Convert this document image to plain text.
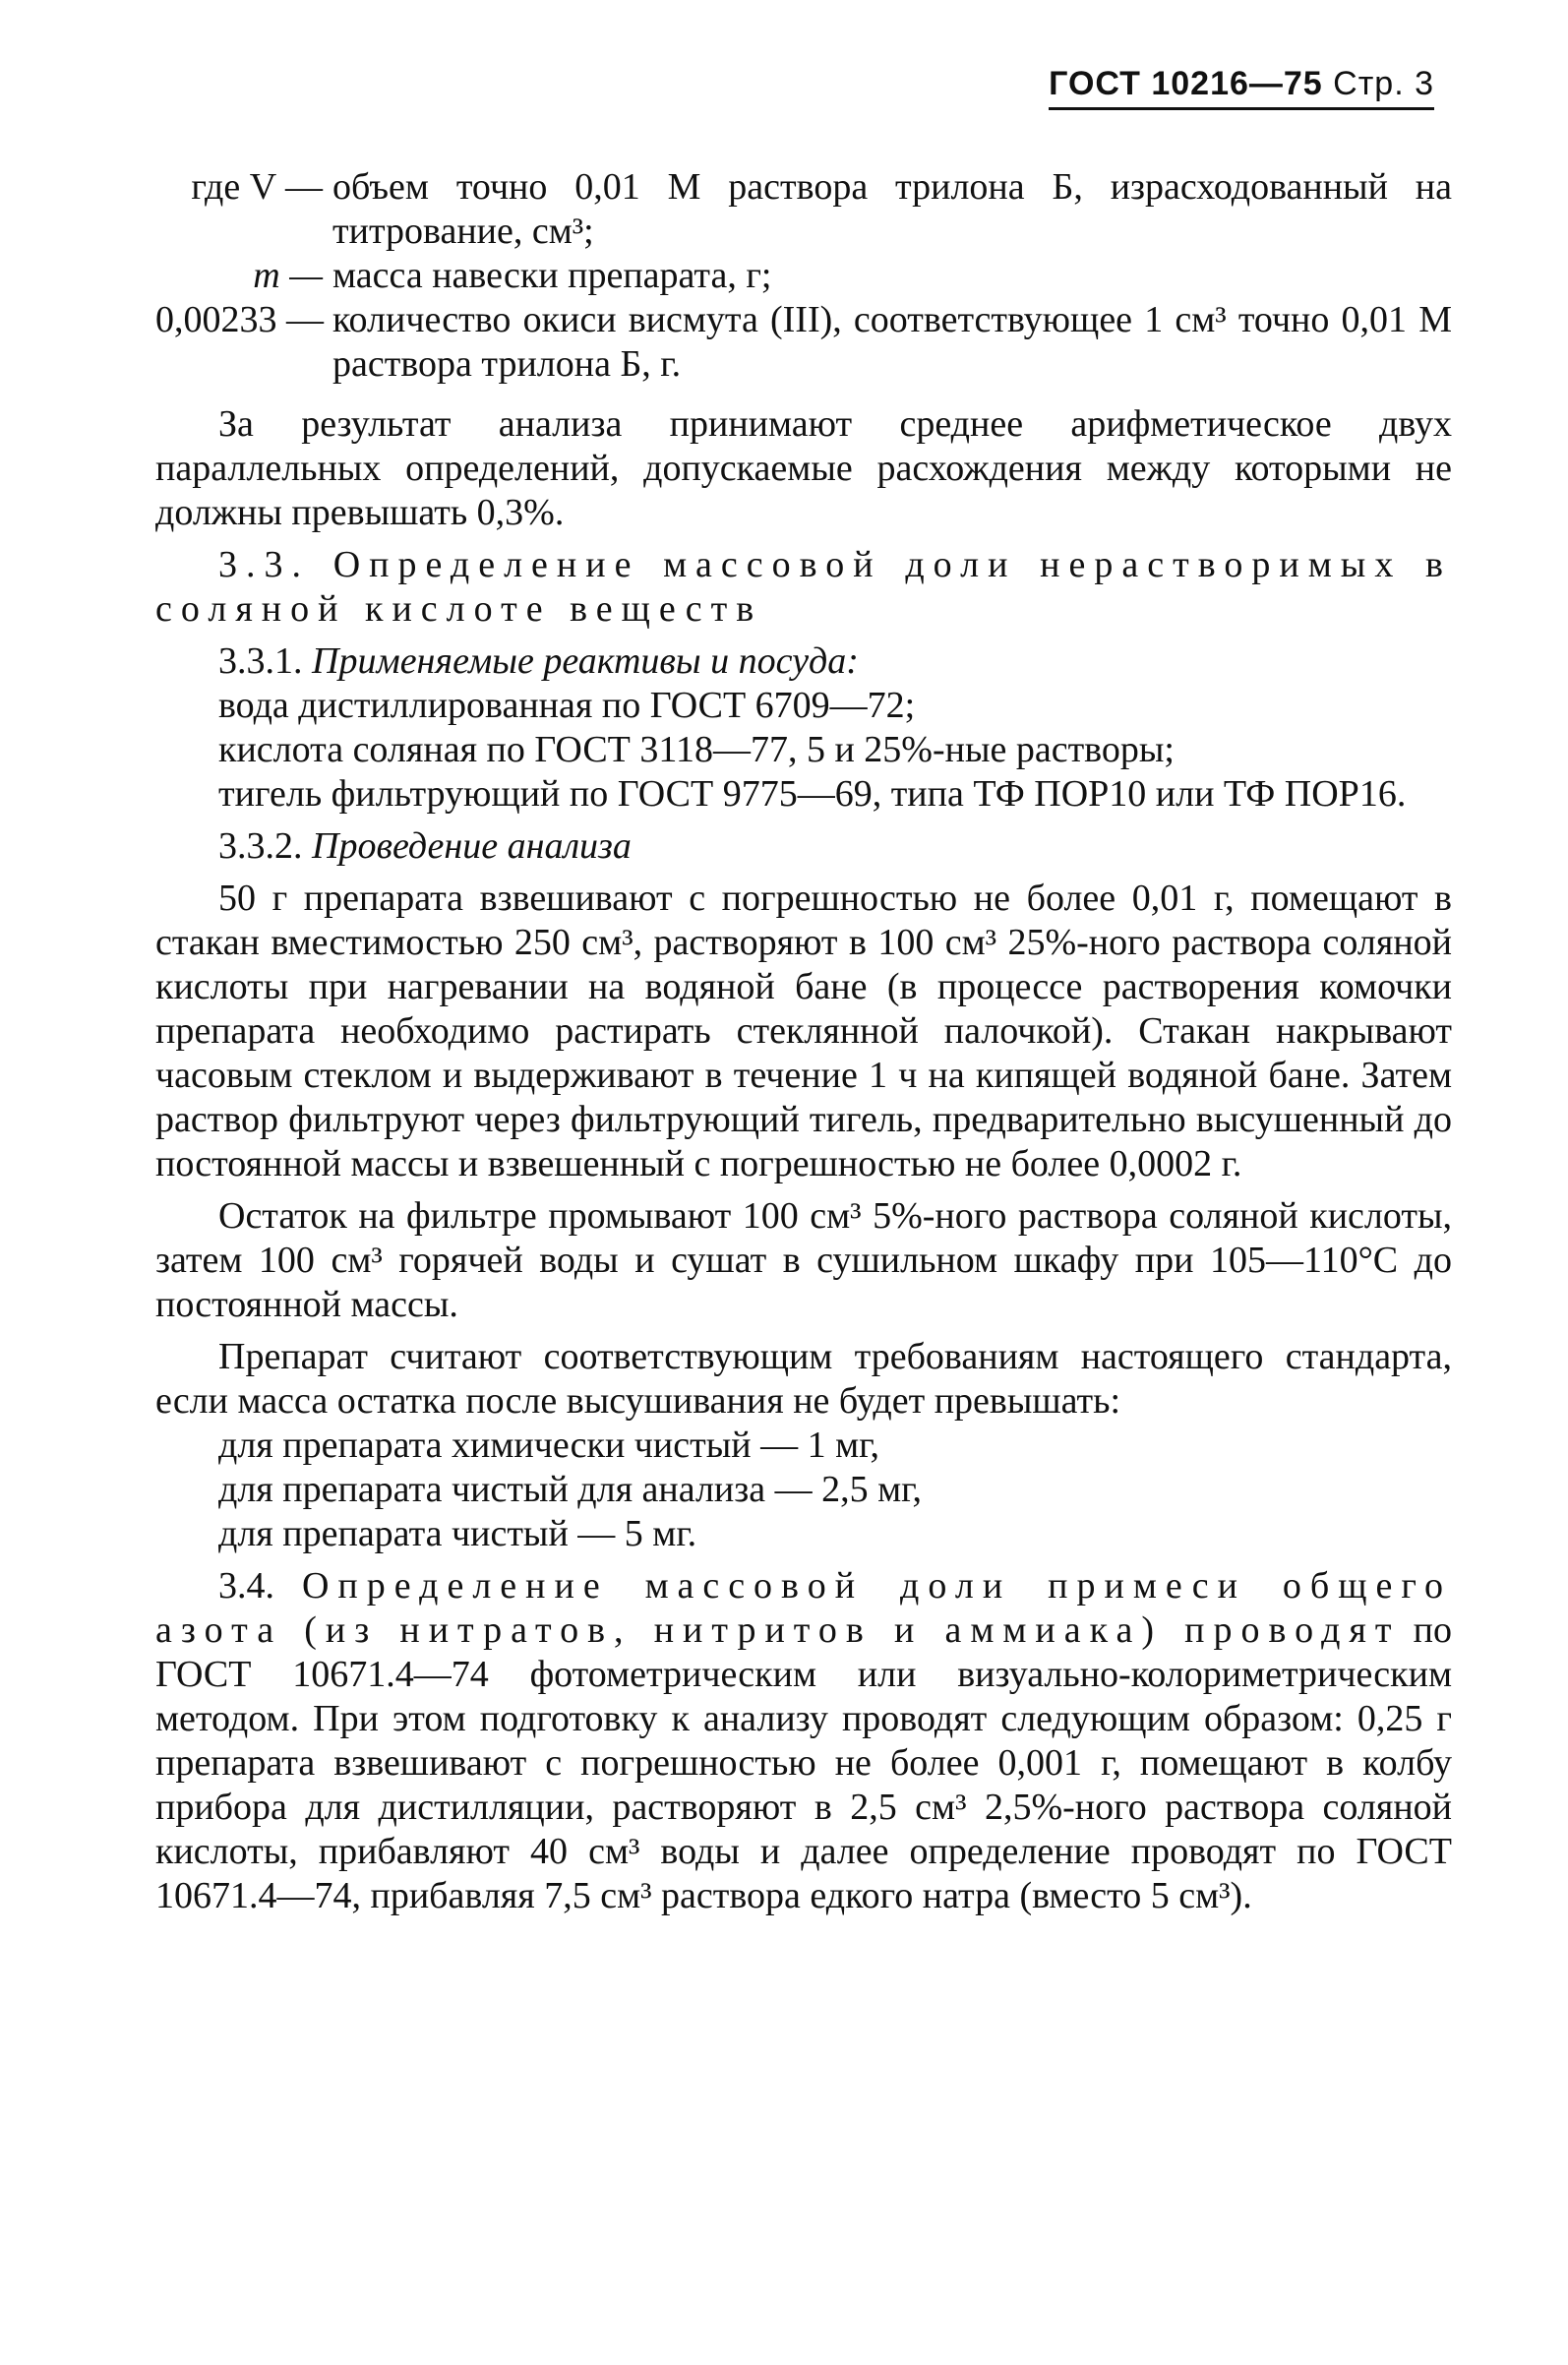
ГОСТ 10216—75 Стр. 3
где V — объем точно 0,01 М раствора трилона Б, израсходованный на титрование, см³;
m — масса навески препарата, г;
0,00233 — количество окиси висмута (III), соответствующее 1 см³ точно 0,01 М раствора трилона Б, г.

За результат анализа принимают среднее арифметическое двух параллельных определений, допускаемые расхождения между которыми не должны превышать 0,3%.

3.3. Определение массовой доли нерастворимых в соляной кислоте веществ

3.3.1. Применяемые реактивы и посуда:

вода дистиллированная по ГОСТ 6709—72;

кислота соляная по ГОСТ 3118—77, 5 и 25%-ные растворы;

тигель фильтрующий по ГОСТ 9775—69, типа ТФ ПОР10 или ТФ ПОР16.

3.3.2. Проведение анализа

50 г препарата взвешивают с погрешностью не более 0,01 г, помещают в стакан вместимостью 250 см³, растворяют в 100 см³ 25%-ного раствора соляной кислоты при нагревании на водяной бане (в процессе растворения комочки препарата необходимо растирать стеклянной палочкой). Стакан накрывают часовым стеклом и выдерживают в течение 1 ч на кипящей водяной бане. Затем раствор фильтруют через фильтрующий тигель, предварительно высушенный до постоянной массы и взвешенный с погрешностью не более 0,0002 г.

Остаток на фильтре промывают 100 см³ 5%-ного раствора соляной кислоты, затем 100 см³ горячей воды и сушат в сушильном шкафу при 105—110°С до постоянной массы.

Препарат считают соответствующим требованиям настоящего стандарта, если масса остатка после высушивания не будет превышать:

для препарата химически чистый — 1 мг,

для препарата чистый для анализа — 2,5 мг,

для препарата чистый — 5 мг.

3.4. Определение массовой доли примеси общего азота (из нитратов, нитритов и аммиака) проводят по ГОСТ 10671.4—74 фотометрическим или визуально-колориметрическим методом. При этом подготовку к анализу проводят следующим образом: 0,25 г препарата взвешивают с погрешностью не более 0,001 г, помещают в колбу прибора для дистилляции, растворяют в 2,5 см³ 2,5%-ного раствора соляной кислоты, прибавляют 40 см³ воды и далее определение проводят по ГОСТ 10671.4—74, прибавляя 7,5 см³ раствора едкого натра (вместо 5 см³).
